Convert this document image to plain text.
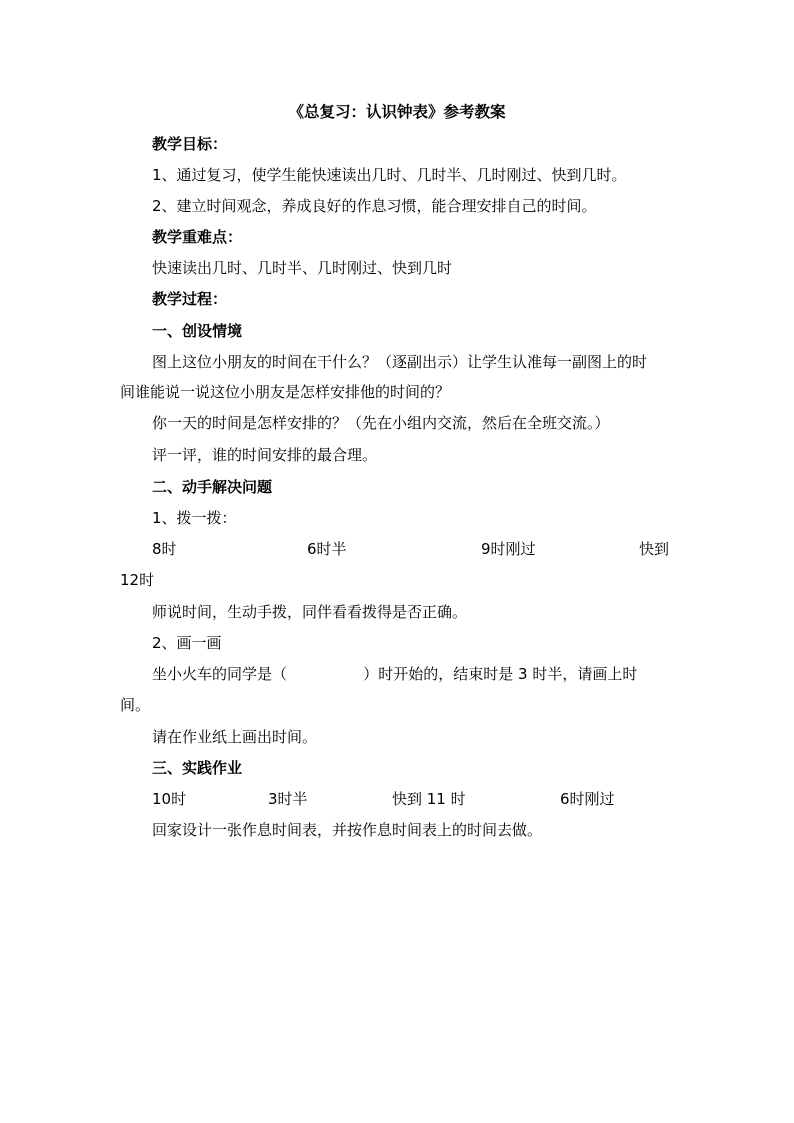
《总复习：认识钟表》参考教案
教学目标：
1、通过复习，使学生能快速读出几时、几时半、几时刚过、快到几时。
2、建立时间观念，养成良好的作息习惯，能合理安排自己的时间。
教学重难点：
快速读出几时、几时半、几时刚过、快到几时
教学过程：
一、创设情境
图上这位小朋友的时间在干什么？（逐副出示）让学生认准每一副图上的时
间谁能说一说这位小朋友是怎样安排他的时间的？
你一天的时间是怎样安排的？（先在小组内交流，然后在全班交流。）
评一评，谁的时间安排的最合理。
二、动手解决问题
1、拨一拨：
8时	6时半	9时刚过	快到
12时
师说时间，生动手拨，同伴看看拨得是否正确。
2、画一画
坐小火车的同学是（                ）时开始的，结束时是 3 时半，请画上时
间。
请在作业纸上画出时间。
三、实践作业
10时	3时半	快到 11 时	6时刚过
回家设计一张作息时间表，并按作息时间表上的时间去做。
